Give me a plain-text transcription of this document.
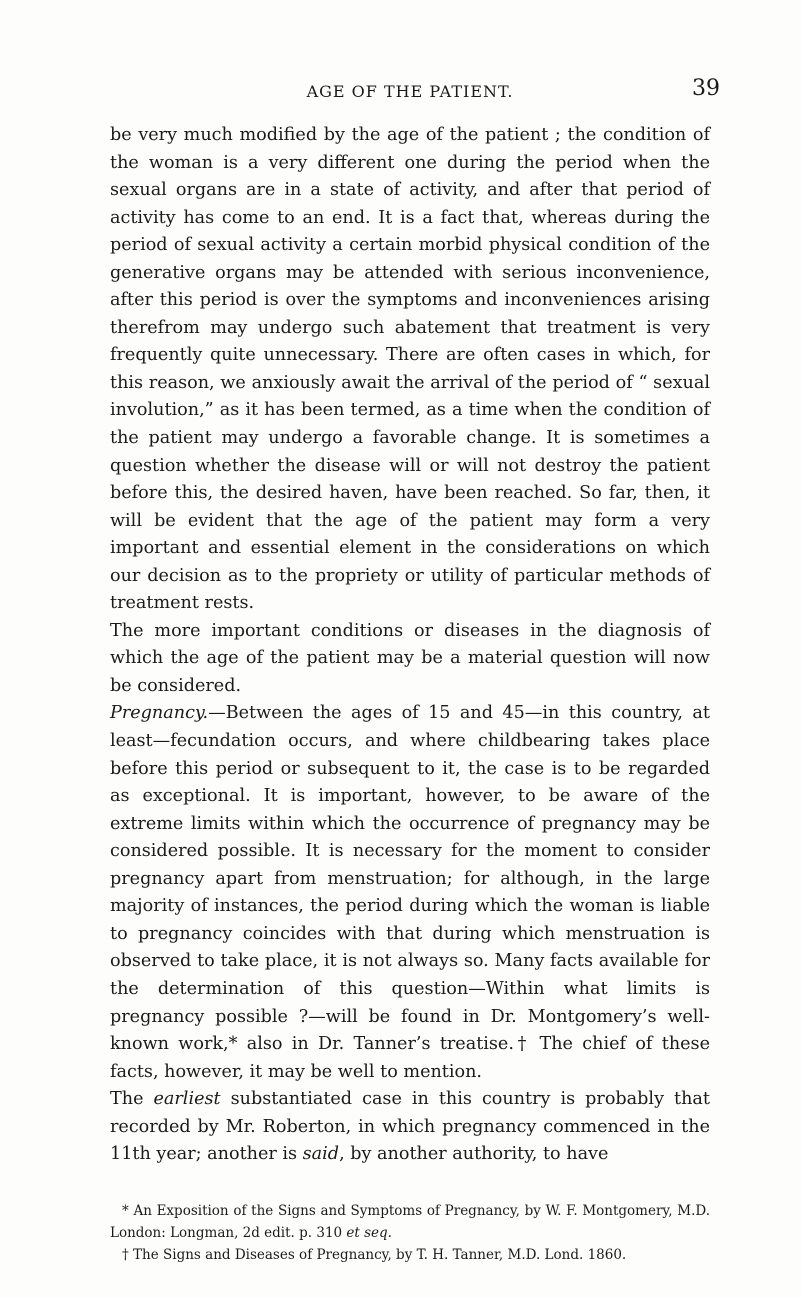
AGE OF THE PATIENT.	39

be very much modified by the age of the patient ; the condition of the woman is a very different one during the period when the sexual organs are in a state of activity, and after that period of activity has come to an end. It is a fact that, whereas during the period of sexual activity a certain morbid physical condition of the generative organs may be attended with serious inconvenience, after this period is over the symptoms and inconveniences arising therefrom may undergo such abatement that treatment is very frequently quite unnecessary. There are often cases in which, for this reason, we anxiously await the arrival of the period of “ sexual involution,” as it has been termed, as a time when the condition of the patient may undergo a favorable change. It is sometimes a question whether the disease will or will not destroy the patient before this, the desired haven, have been reached. So far, then, it will be evident that the age of the patient may form a very important and essential element in the considerations on which our decision as to the propriety or utility of particular methods of treatment rests.

The more important conditions or diseases in the diagnosis of which the age of the patient may be a material question will now be considered.

Pregnancy.—Between the ages of 15 and 45—in this country, at least—fecundation occurs, and where childbearing takes place before this period or subsequent to it, the case is to be regarded as exceptional. It is important, however, to be aware of the extreme limits within which the occurrence of pregnancy may be considered possible. It is necessary for the moment to consider pregnancy apart from menstruation; for although, in the large majority of instances, the period during which the woman is liable to pregnancy coincides with that during which menstruation is observed to take place, it is not always so. Many facts available for the determination of this question—Within what limits is pregnancy possible ?—will be found in Dr. Montgomery’s well-known work,* also in Dr. Tanner’s treatise.† The chief of these facts, however, it may be well to mention.

The earliest substantiated case in this country is probably that recorded by Mr. Roberton, in which pregnancy commenced in the 11th year; another is said, by another authority, to have

* An Exposition of the Signs and Symptoms of Pregnancy, by W. F. Montgomery, M.D. London: Longman, 2d edit. p. 310 et seq.

† The Signs and Diseases of Pregnancy, by T. H. Tanner, M.D. Lond. 1860.
